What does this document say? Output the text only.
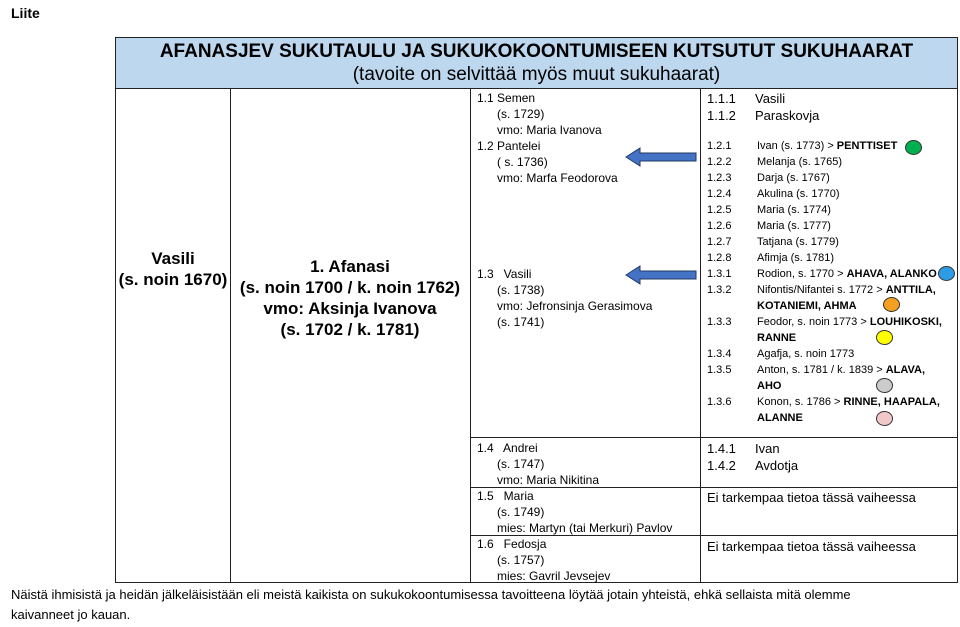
Liite
AFANASJEV SUKUTAULU JA SUKUKOKOONTUMISEEN KUTSUTUT SUKUHAARAT
(tavoite on selvittää myös muut sukuhaarat)
Vasili
(s. noin 1670)
1. Afanasi
(s. noin 1700 / k. noin 1762)
vmo: Aksinja Ivanova
(s. 1702 / k. 1781)
1.1 Semen
(s. 1729)
vmo: Maria Ivanova
1.2 Pantelei
( s. 1736)
vmo: Marfa Feodorova
1.3   Vasili
(s. 1738)
vmo: Jefronsinja Gerasimova
(s. 1741)
1.4   Andrei
(s. 1747)
vmo: Maria Nikitina
1.5   Maria
(s. 1749)
mies: Martyn (tai Merkuri) Pavlov
1.6   Fedosja
(s. 1757)
mies: Gavril Jevsejev
1.1.1 Vasili
1.1.2 Paraskovja
1.2.1 Ivan (s. 1773) > PENTTISET
1.2.2 Melanja (s. 1765)
1.2.3 Darja (s. 1767)
1.2.4 Akulina (s. 1770)
1.2.5 Maria (s. 1774)
1.2.6 Maria (s. 1777)
1.2.7 Tatjana (s. 1779)
1.2.8 Afimja (s. 1781)
1.3.1 Rodion, s. 1770 > AHAVA, ALANKO
1.3.2 Nifontis/Nifantei s. 1772 > ANTTILA,
KOTANIEMI, AHMA
1.3.3 Feodor, s. noin 1773 > LOUHIKOSKI,
RANNE
1.3.4 Agafja, s. noin 1773
1.3.5 Anton, s. 1781 / k. 1839 > ALAVA,
AHO
1.3.6 Konon, s. 1786 > RINNE, HAAPALA,
ALANNE
1.4.1 Ivan
1.4.2 Avdotja
Ei tarkempaa tietoa tässä vaiheessa
Ei tarkempaa tietoa tässä vaiheessa
Näistä ihmisistä ja heidän jälkeläisistään eli meistä kaikista on sukukokoontumisessa tavoitteena löytää jotain yhteistä, ehkä sellaista mitä olemme kaivanneet jo kauan.
